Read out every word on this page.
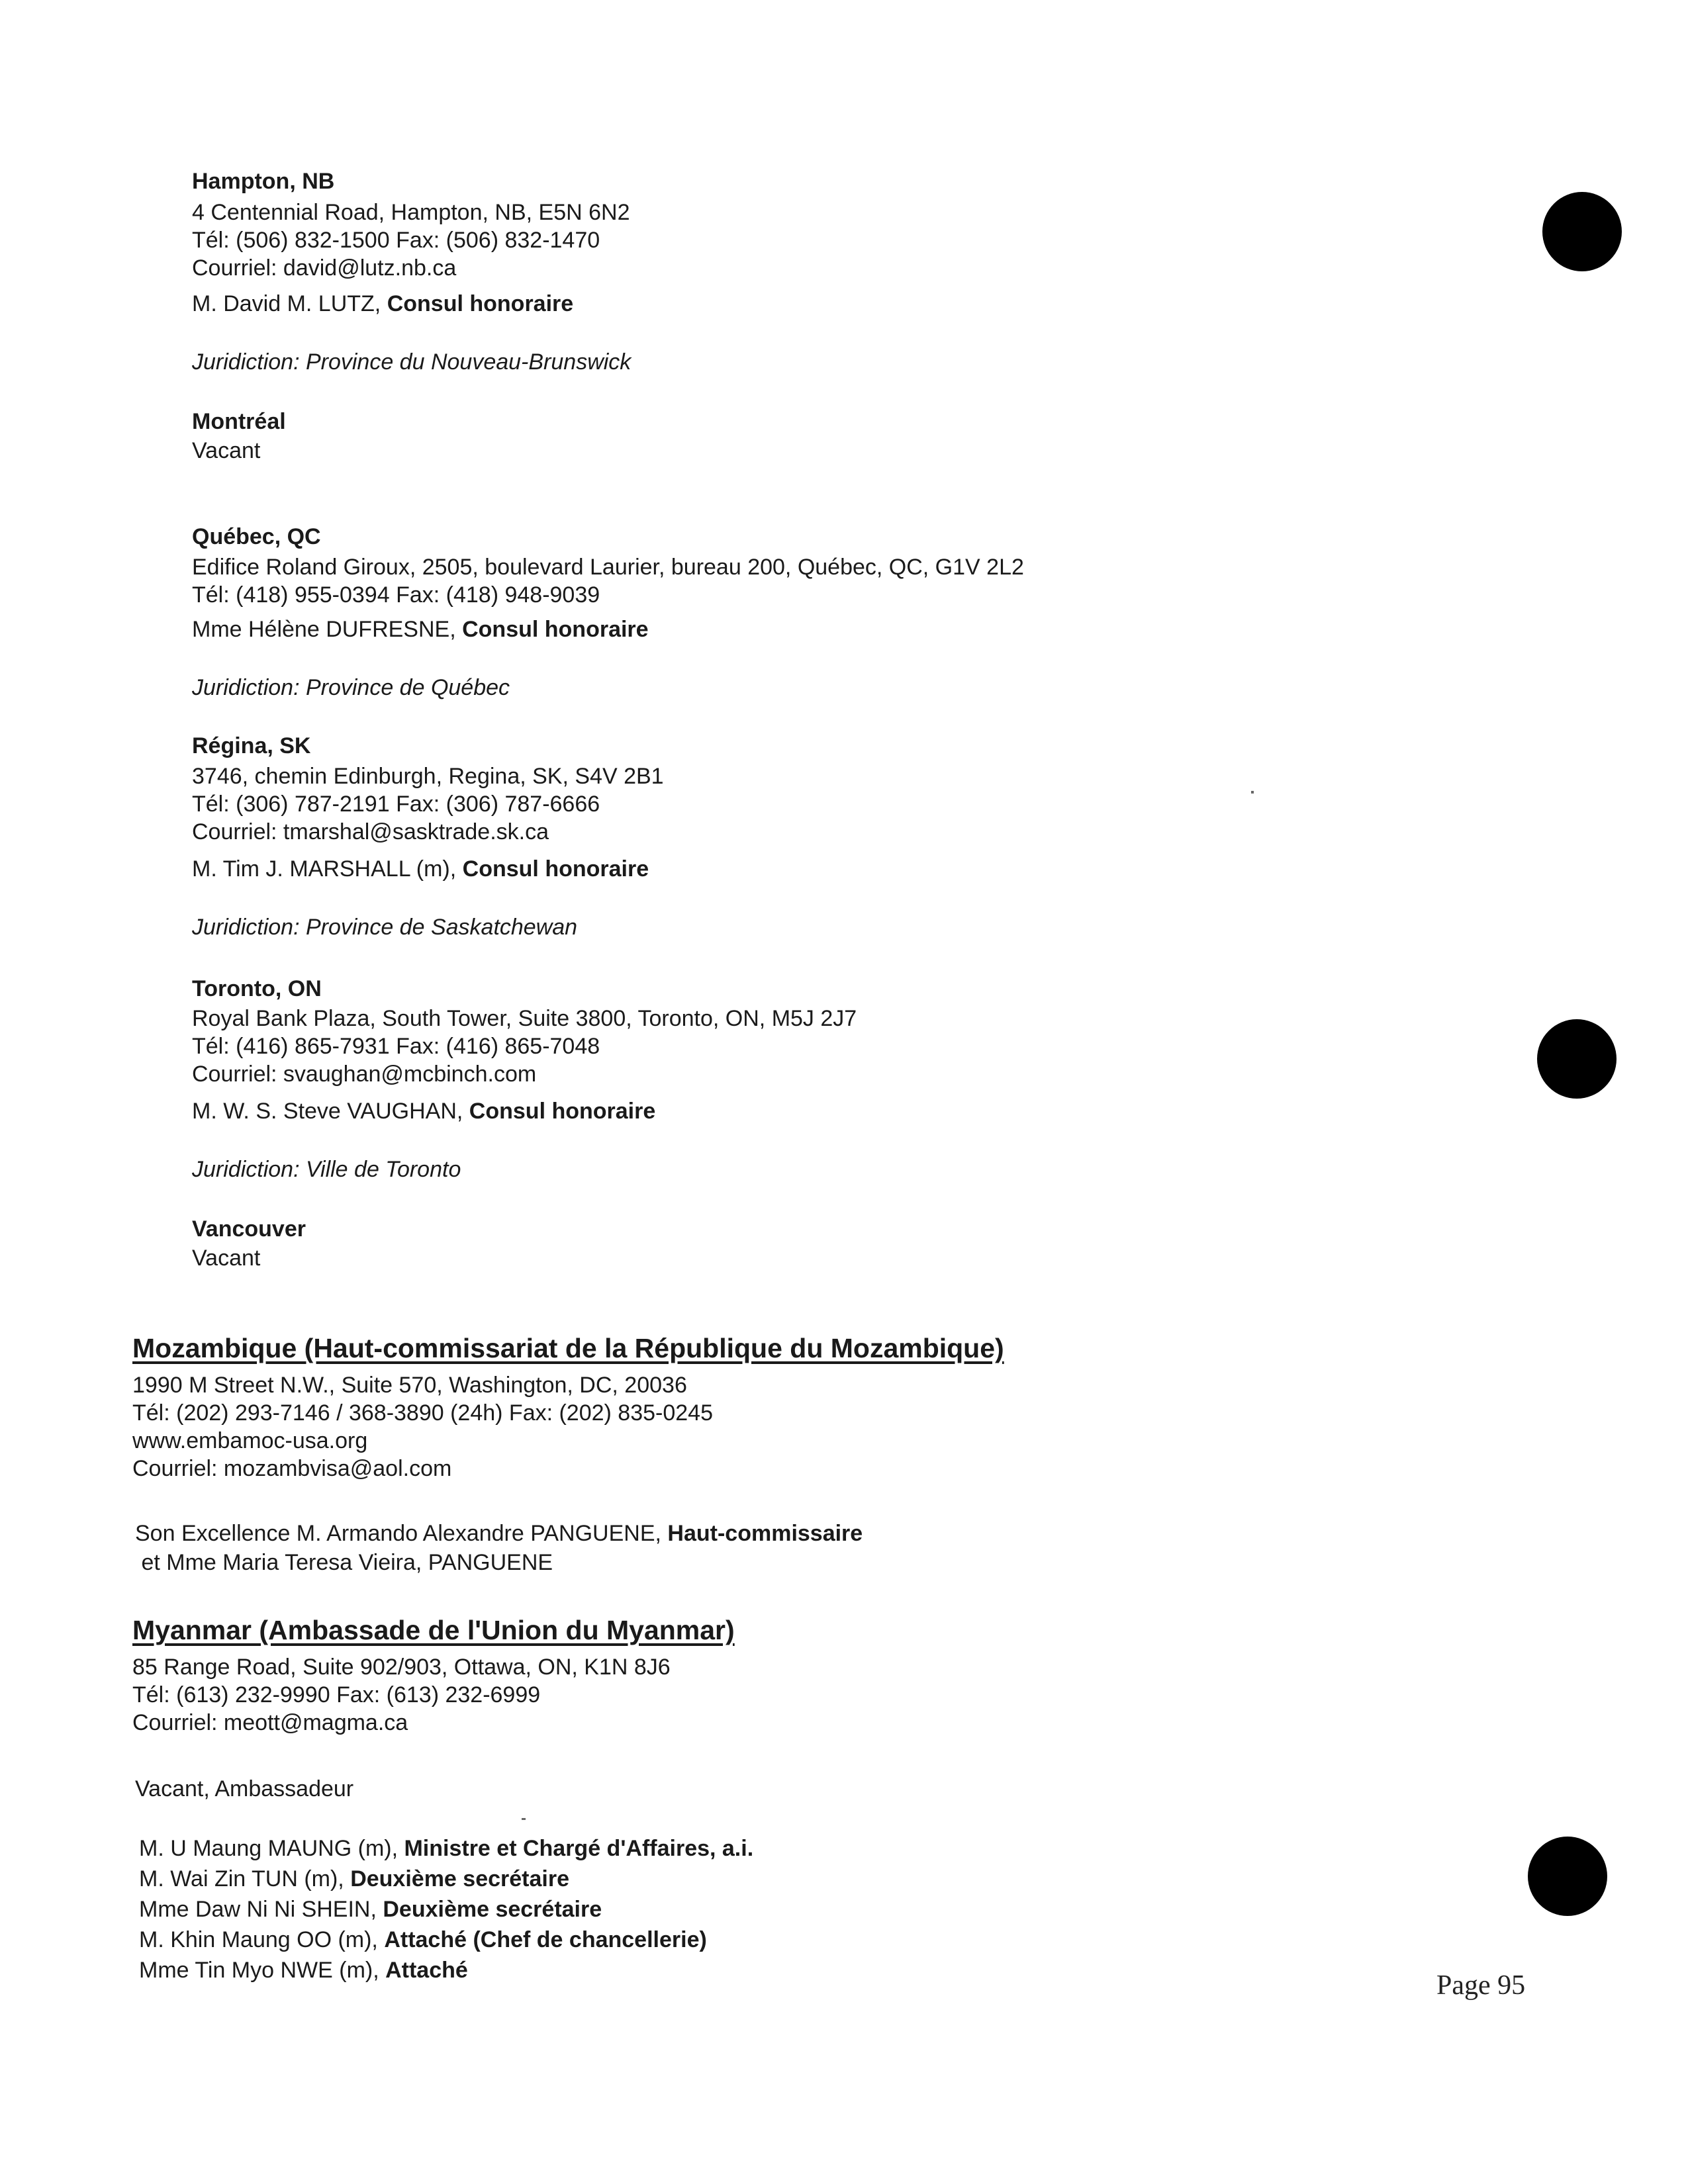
Hampton, NB
4 Centennial Road, Hampton, NB, E5N 6N2
Tél: (506) 832-1500 Fax: (506) 832-1470
Courriel: david@lutz.nb.ca
M. David M. LUTZ, Consul honoraire
Juridiction: Province du Nouveau-Brunswick
Montréal
Vacant
Québec, QC
Edifice Roland Giroux, 2505, boulevard Laurier, bureau 200, Québec, QC, G1V 2L2
Tél: (418) 955-0394 Fax: (418) 948-9039
Mme Hélène DUFRESNE, Consul honoraire
Juridiction: Province de Québec
Régina, SK
3746, chemin Edinburgh, Regina, SK, S4V 2B1
Tél: (306) 787-2191 Fax: (306) 787-6666
Courriel: tmarshal@sasktrade.sk.ca
M. Tim J. MARSHALL (m), Consul honoraire
Juridiction: Province de Saskatchewan
Toronto, ON
Royal Bank Plaza, South Tower, Suite 3800, Toronto, ON, M5J 2J7
Tél: (416) 865-7931 Fax: (416) 865-7048
Courriel: svaughan@mcbinch.com
M. W. S. Steve VAUGHAN, Consul honoraire
Juridiction: Ville de Toronto
Vancouver
Vacant
Mozambique (Haut-commissariat de la République du Mozambique)
1990 M Street N.W., Suite 570, Washington, DC, 20036
Tél: (202) 293-7146 / 368-3890 (24h) Fax: (202) 835-0245
www.embamoc-usa.org
Courriel: mozambvisa@aol.com
Son Excellence M. Armando Alexandre PANGUENE, Haut-commissaire
et Mme Maria Teresa Vieira, PANGUENE
Myanmar (Ambassade de l'Union du Myanmar)
85 Range Road, Suite 902/903, Ottawa, ON, K1N 8J6
Tél: (613) 232-9990 Fax: (613) 232-6999
Courriel: meott@magma.ca
Vacant, Ambassadeur
M. U Maung MAUNG (m), Ministre et Chargé d'Affaires, a.i.
M. Wai Zin TUN (m), Deuxième secrétaire
Mme Daw Ni Ni SHEIN, Deuxième secrétaire
M. Khin Maung OO (m), Attaché (Chef de chancellerie)
Mme Tin Myo NWE (m), Attaché	Page 95
